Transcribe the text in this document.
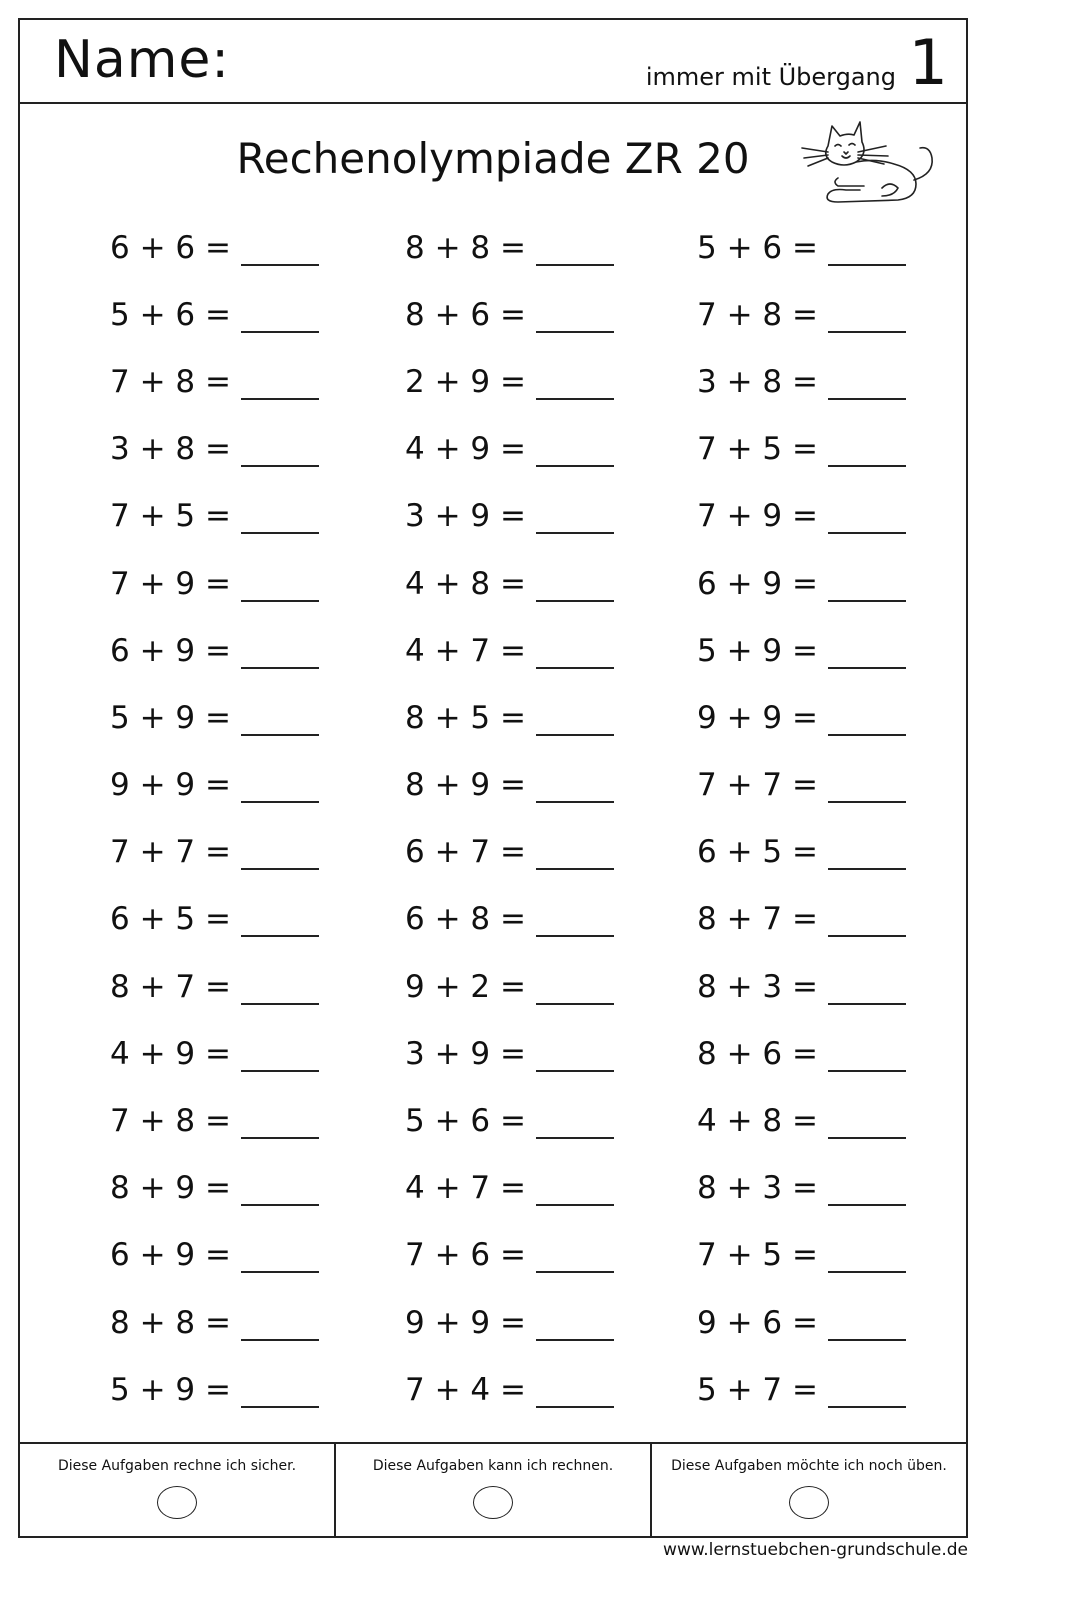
Name:	immer mit Übergang 1
Rechenolympiade ZR 20
6 + 6 =
5 + 6 =
7 + 8 =
3 + 8 =
7 + 5 =
7 + 9 =
6 + 9 =
5 + 9 =
9 + 9 =
7 + 7 =
6 + 5 =
8 + 7 =
4 + 9 =
7 + 8 =
8 + 9 =
6 + 9 =
8 + 8 =
5 + 9 =
8 + 8 =
8 + 6 =
2 + 9 =
4 + 9 =
3 + 9 =
4 + 8 =
4 + 7 =
8 + 5 =
8 + 9 =
6 + 7 =
6 + 8 =
9 + 2 =
3 + 9 =
5 + 6 =
4 + 7 =
7 + 6 =
9 + 9 =
7 + 4 =
5 + 6 =
7 + 8 =
3 + 8 =
7 + 5 =
7 + 9 =
6 + 9 =
5 + 9 =
9 + 9 =
7 + 7 =
6 + 5 =
8 + 7 =
8 + 3 =
8 + 6 =
4 + 8 =
8 + 3 =
7 + 5 =
9 + 6 =
5 + 7 =
Diese Aufgaben rechne ich sicher.	Diese Aufgaben kann ich rechnen.	Diese Aufgaben möchte ich noch üben.
www.lernstuebchen-grundschule.de
